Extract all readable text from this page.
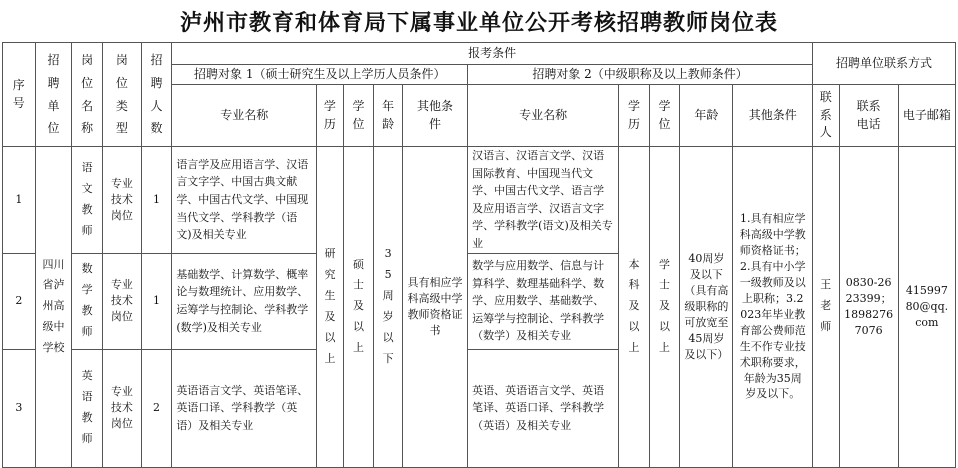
泸州市教育和体育局下属事业单位公开考核招聘教师岗位表
序号	招聘单位	岗位名称	岗位类型	招聘人数	报考条件										招聘单位联系方式		
					招聘对象 1（硕士研究生及以上学历人员条件）					招聘对象 2（中级职称及以上教师条件）							
					专业名称	学历	学位	年龄	其他条件	专业名称	学历	学位	年龄	其他条件	联系人	联系电话	电子邮箱
1	四川省泸州高级中学校	语文教师	专业技术岗位	1	语言学及应用语言学、汉语言文字学、中国古典文献学、中国古代文学、中国现当代文学、学科教学（语文)及相关专业	研究生及以上	硕士及以上	35周岁以下	具有相应学科高级中学教师资格证书	汉语言、汉语言文学、汉语国际教育、中国现当代文学、中国古代文学、语言学及应用语言学、汉语言文字学、学科教学(语文)及相关专业	本科及以上	学士及以上	40周岁及以下（具有高级职称的可放宽至45周岁及以下）	1.具有相应学科高级中学教师资格证书；2.具有中小学一级教师及以上职称；3.2023年毕业教育部公费师范生不作专业技术职称要求，年龄为35周岁及以下。	王老师	0830-2623399；18982767076	41599780@qq.com

2		数学教师	专业技术岗位	1	基础数学、计算数学、概率论与数理统计、应用数学、运筹学与控制论、学科教学(数学)及相关专业					数学与应用数学、信息与计算科学、数理基础科学、数学、应用数学、基础数学、运筹学与控制论、学科教学（数学）及相关专业							
3		英语教师	专业技术岗位	2	英语语言文学、英语笔译、英语口译、学科教学（英语）及相关专业					英语、英语语言文学、英语笔译、英语口译、学科教学（英语）及相关专业							
